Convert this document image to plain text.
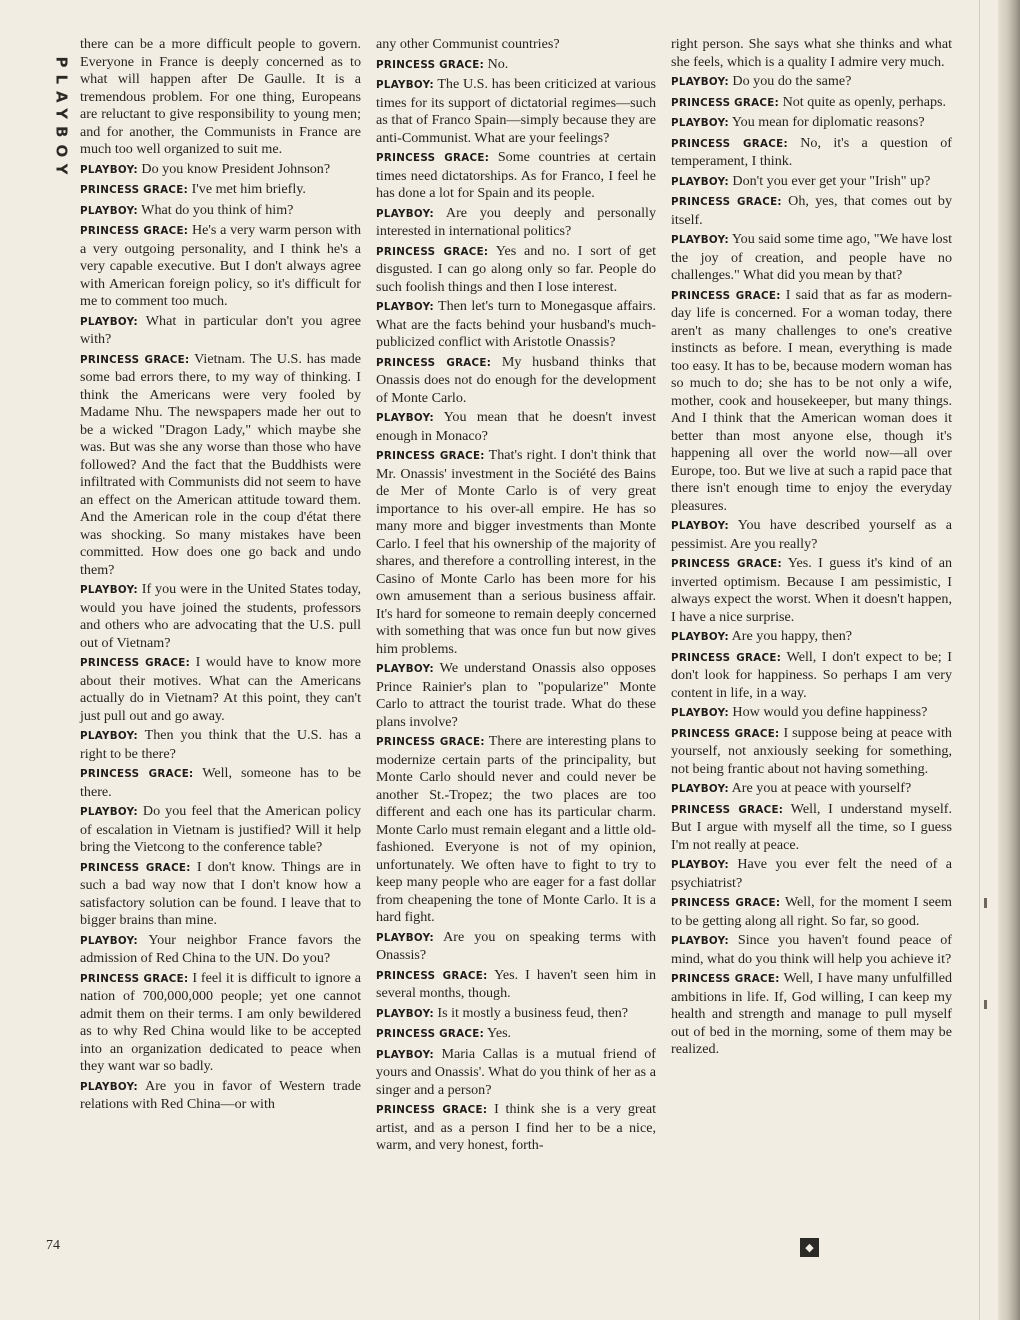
PLAYBOY

there can be a more difficult people to govern. Everyone in France is deeply concerned as to what will happen after De Gaulle. It is a tremendous problem. For one thing, Europeans are reluctant to give responsibility to young men; and for another, the Communists in France are much too well organized to suit me.

PLAYBOY: Do you know President Johnson?

PRINCESS GRACE: I've met him briefly.

PLAYBOY: What do you think of him?

PRINCESS GRACE: He's a very warm person with a very outgoing personality, and I think he's a very capable executive. But I don't always agree with American foreign policy, so it's difficult for me to comment too much.

PLAYBOY: What in particular don't you agree with?

PRINCESS GRACE: Vietnam. The U.S. has made some bad errors there, to my way of thinking. I think the Americans were very fooled by Madame Nhu. The newspapers made her out to be a wicked "Dragon Lady," which maybe she was. But was she any worse than those who have followed? And the fact that the Buddhists were infiltrated with Communists did not seem to have an effect on the American attitude toward them. And the American role in the coup d'état there was shocking. So many mistakes have been committed. How does one go back and undo them?

PLAYBOY: If you were in the United States today, would you have joined the students, professors and others who are advocating that the U.S. pull out of Vietnam?

PRINCESS GRACE: I would have to know more about their motives. What can the Americans actually do in Vietnam? At this point, they can't just pull out and go away.

PLAYBOY: Then you think that the U.S. has a right to be there?

PRINCESS GRACE: Well, someone has to be there.

PLAYBOY: Do you feel that the American policy of escalation in Vietnam is justified? Will it help bring the Vietcong to the conference table?

PRINCESS GRACE: I don't know. Things are in such a bad way now that I don't know how a satisfactory solution can be found. I leave that to bigger brains than mine.

PLAYBOY: Your neighbor France favors the admission of Red China to the UN. Do you?

PRINCESS GRACE: I feel it is difficult to ignore a nation of 700,000,000 people; yet one cannot admit them on their terms. I am only bewildered as to why Red China would like to be accepted into an organization dedicated to peace when they want war so badly.

PLAYBOY: Are you in favor of Western trade relations with Red China—or with

any other Communist countries?

PRINCESS GRACE: No.

PLAYBOY: The U.S. has been criticized at various times for its support of dictatorial regimes—such as that of Franco Spain—simply because they are anti-Communist. What are your feelings?

PRINCESS GRACE: Some countries at certain times need dictatorships. As for Franco, I feel he has done a lot for Spain and its people.

PLAYBOY: Are you deeply and personally interested in international politics?

PRINCESS GRACE: Yes and no. I sort of get disgusted. I can go along only so far. People do such foolish things and then I lose interest.

PLAYBOY: Then let's turn to Monegasque affairs. What are the facts behind your husband's much-publicized conflict with Aristotle Onassis?

PRINCESS GRACE: My husband thinks that Onassis does not do enough for the development of Monte Carlo.

PLAYBOY: You mean that he doesn't invest enough in Monaco?

PRINCESS GRACE: That's right. I don't think that Mr. Onassis' investment in the Société des Bains de Mer of Monte Carlo is of very great importance to his over-all empire. He has so many more and bigger investments than Monte Carlo. I feel that his ownership of the majority of shares, and therefore a controlling interest, in the Casino of Monte Carlo has been more for his own amusement than a serious business affair. It's hard for someone to remain deeply concerned with something that was once fun but now gives him problems.

PLAYBOY: We understand Onassis also opposes Prince Rainier's plan to "popularize" Monte Carlo to attract the tourist trade. What do these plans involve?

PRINCESS GRACE: There are interesting plans to modernize certain parts of the principality, but Monte Carlo should never and could never be another St.-Tropez; the two places are too different and each one has its particular charm. Monte Carlo must remain elegant and a little old-fashioned. Everyone is not of my opinion, unfortunately. We often have to fight to try to keep many people who are eager for a fast dollar from cheapening the tone of Monte Carlo. It is a hard fight.

PLAYBOY: Are you on speaking terms with Onassis?

PRINCESS GRACE: Yes. I haven't seen him in several months, though.

PLAYBOY: Is it mostly a business feud, then?

PRINCESS GRACE: Yes.

PLAYBOY: Maria Callas is a mutual friend of yours and Onassis'. What do you think of her as a singer and a person?

PRINCESS GRACE: I think she is a very great artist, and as a person I find her to be a nice, warm, and very honest, forth-

right person. She says what she thinks and what she feels, which is a quality I admire very much.

PLAYBOY: Do you do the same?

PRINCESS GRACE: Not quite as openly, perhaps.

PLAYBOY: You mean for diplomatic reasons?

PRINCESS GRACE: No, it's a question of temperament, I think.

PLAYBOY: Don't you ever get your "Irish" up?

PRINCESS GRACE: Oh, yes, that comes out by itself.

PLAYBOY: You said some time ago, "We have lost the joy of creation, and people have no challenges." What did you mean by that?

PRINCESS GRACE: I said that as far as modern-day life is concerned. For a woman today, there aren't as many challenges to one's creative instincts as before. I mean, everything is made too easy. It has to be, because modern woman has so much to do; she has to be not only a wife, mother, cook and housekeeper, but many things. And I think that the American woman does it better than most anyone else, though it's happening all over the world now—all over Europe, too. But we live at such a rapid pace that there isn't enough time to enjoy the everyday pleasures.

PLAYBOY: You have described yourself as a pessimist. Are you really?

PRINCESS GRACE: Yes. I guess it's kind of an inverted optimism. Because I am pessimistic, I always expect the worst. When it doesn't happen, I have a nice surprise.

PLAYBOY: Are you happy, then?

PRINCESS GRACE: Well, I don't expect to be; I don't look for happiness. So perhaps I am very content in life, in a way.

PLAYBOY: How would you define happiness?

PRINCESS GRACE: I suppose being at peace with yourself, not anxiously seeking for something, not being frantic about not having something.

PLAYBOY: Are you at peace with yourself?

PRINCESS GRACE: Well, I understand myself. But I argue with myself all the time, so I guess I'm not really at peace.

PLAYBOY: Have you ever felt the need of a psychiatrist?

PRINCESS GRACE: Well, for the moment I seem to be getting along all right. So far, so good.

PLAYBOY: Since you haven't found peace of mind, what do you think will help you achieve it?

PRINCESS GRACE: Well, I have many unfulfilled ambitions in life. If, God willing, I can keep my health and strength and manage to pull myself out of bed in the morning, some of them may be realized.

74	◆
